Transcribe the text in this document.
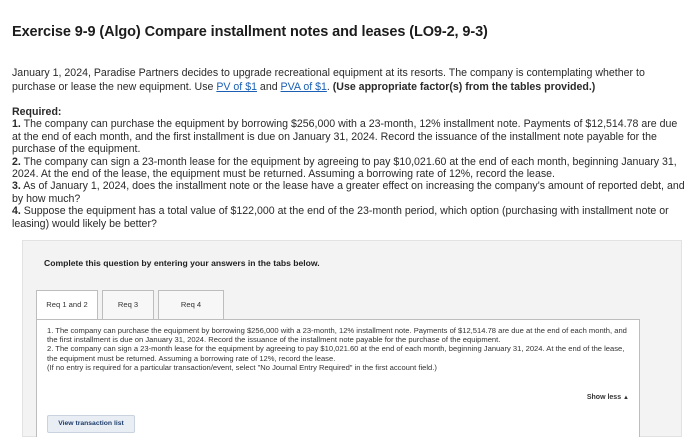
Exercise 9-9 (Algo) Compare installment notes and leases (LO9-2, 9-3)
January 1, 2024, Paradise Partners decides to upgrade recreational equipment at its resorts. The company is contemplating whether to purchase or lease the new equipment. Use PV of $1 and PVA of $1. (Use appropriate factor(s) from the tables provided.)
Required:
1. The company can purchase the equipment by borrowing $256,000 with a 23-month, 12% installment note. Payments of $12,514.78 are due at the end of each month, and the first installment is due on January 31, 2024. Record the issuance of the installment note payable for the purchase of the equipment.
2. The company can sign a 23-month lease for the equipment by agreeing to pay $10,021.60 at the end of each month, beginning January 31, 2024. At the end of the lease, the equipment must be returned. Assuming a borrowing rate of 12%, record the lease.
3. As of January 1, 2024, does the installment note or the lease have a greater effect on increasing the company's amount of reported debt, and by how much?
4. Suppose the equipment has a total value of $122,000 at the end of the 23-month period, which option (purchasing with installment note or leasing) would likely be better?
Complete this question by entering your answers in the tabs below.
Req 1 and 2	Req 3	Req 4
1. The company can purchase the equipment by borrowing $256,000 with a 23-month, 12% installment note. Payments of $12,514.78 are due at the end of each month, and the first installment is due on January 31, 2024. Record the issuance of the installment note payable for the purchase of the equipment.
2. The company can sign a 23-month lease for the equipment by agreeing to pay $10,021.60 at the end of each month, beginning January 31, 2024. At the end of the lease, the equipment must be returned. Assuming a borrowing rate of 12%, record the lease.
(If no entry is required for a particular transaction/event, select "No Journal Entry Required" in the first account field.)
Show less ▲
View transaction list
